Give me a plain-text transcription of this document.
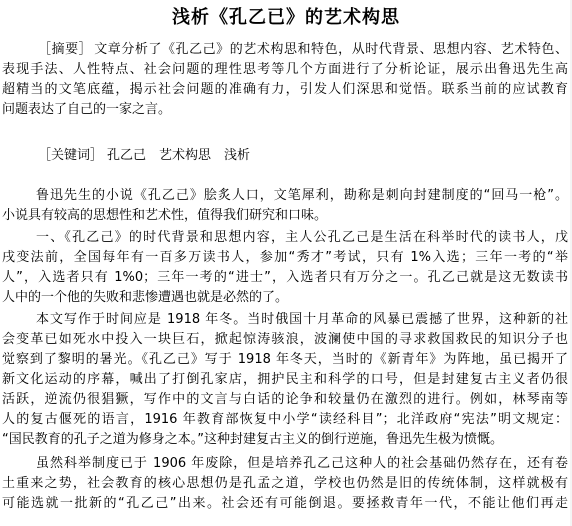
浅析《孔乙已》的艺术构思
［摘要］ 文章分析了《孔乙己》的艺术构思和特色，从时代背景、思想内容、艺术特色、
表现手法、人性特点、社会问题的理性思考等几个方面进行了分析论证，展示出鲁迅先生高
超精当的文笔底蕴，揭示社会问题的准确有力，引发人们深思和觉悟。联系当前的应试教育
问题表达了自己的一家之言。
［关键词］ 孔乙己　艺术构思　浅析
鲁迅先生的小说《孔乙己》脍炙人口，文笔犀利，勘称是刺向封建制度的“回马一枪”。
小说具有较高的思想性和艺术性，值得我们研究和口味。
一、《孔乙己》的时代背景和思想内容，主人公孔乙己是生活在科举时代的读书人，戊
戌变法前，全国每年有一百多万读书人，参加“秀才”考试，只有 1%入选；三年一考的“举
人”，入选者只有 1%0；三年一考的“进士”，入选者只有万分之一。孔乙己就是这无数读书
人中的一个他的失败和悲惨遭遇也就是必然的了。
本文写作于时间应是 1918 年冬。当时俄国十月革命的风暴已震撼了世界，这种新的社
会变革已如死水中投入一块巨石，掀起惊涛骇浪，波澜使中国的寻求救国救民的知识分子也
觉察到了黎明的暑光。《孔乙己》写于 1918 年冬天，当时的《新青年》为阵地，虽已揭开了
新文化运动的序幕，喊出了打倒孔家店，拥护民主和科学的口号，但是封建复古主义者仍很
活跃，逆流仍很猖獗，写作中的文言与白话的论争和较量仍在激烈的进行。例如，林琴南等
人的复古偃死的语言，1916 年教育部恢复中小学“读经科目”；北洋政府“宪法”明文规定：
“国民教育的孔子之道为修身之本。”这种封建复古主义的倒行逆施，鲁迅先生极为愤慨。
虽然科举制度已于 1906 年废除，但是培养孔乙己这种人的社会基础仍然存在，还有卷
土重来之势，社会教育的核心思想仍是孔孟之道，学校也仍然是旧的传统体制，这样就极有
可能选就一批新的“孔乙己”出来。社会还有可能倒退。要拯救青年一代，不能让他们再走
